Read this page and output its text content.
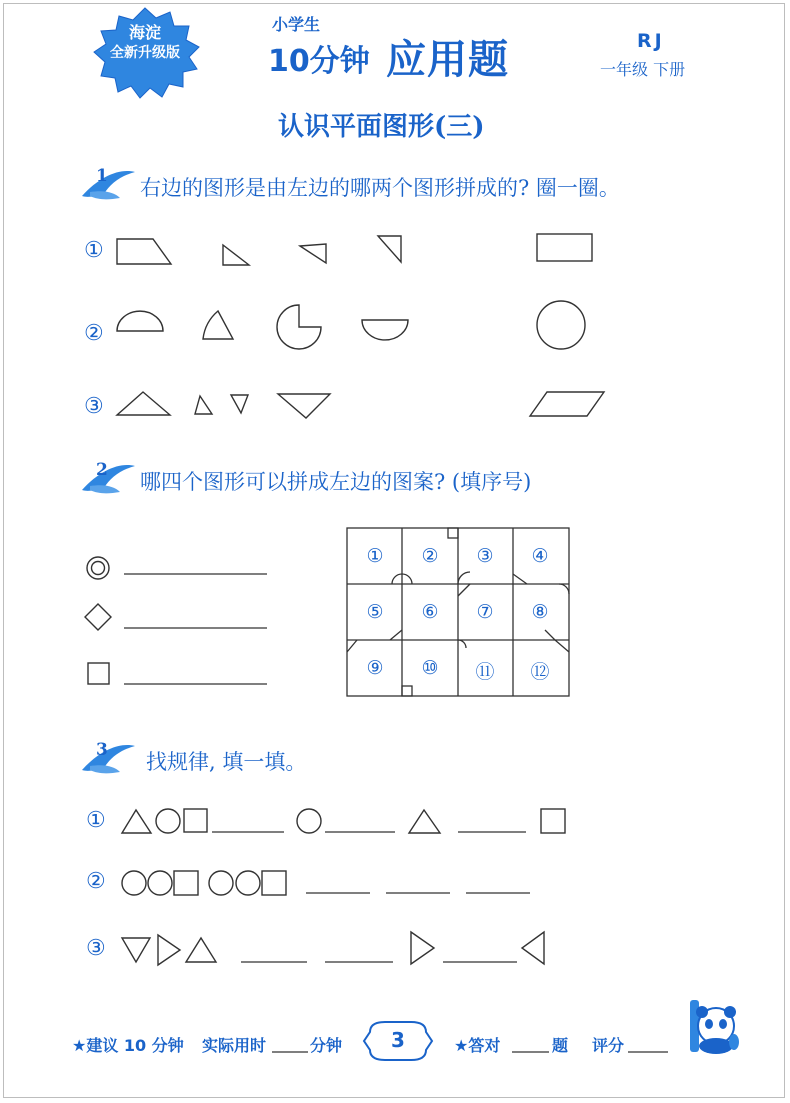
海淀
全新升级版
小学生
10分钟 应用题	RJ
一年级 下册
认识平面图形(三)
1 右边的图形是由左边的哪两个图形拼成的? 圈一圈。
①
②
③
2 哪四个图形可以拼成左边的图案? (填序号)
①	②	③	④
⑤	⑥	⑦	⑧
⑨	⑩	⑪	⑫
3 找规律, 填一填。
①
②
③
★建议 10 分钟 实际用时	分钟	3	★答对	题 评分
